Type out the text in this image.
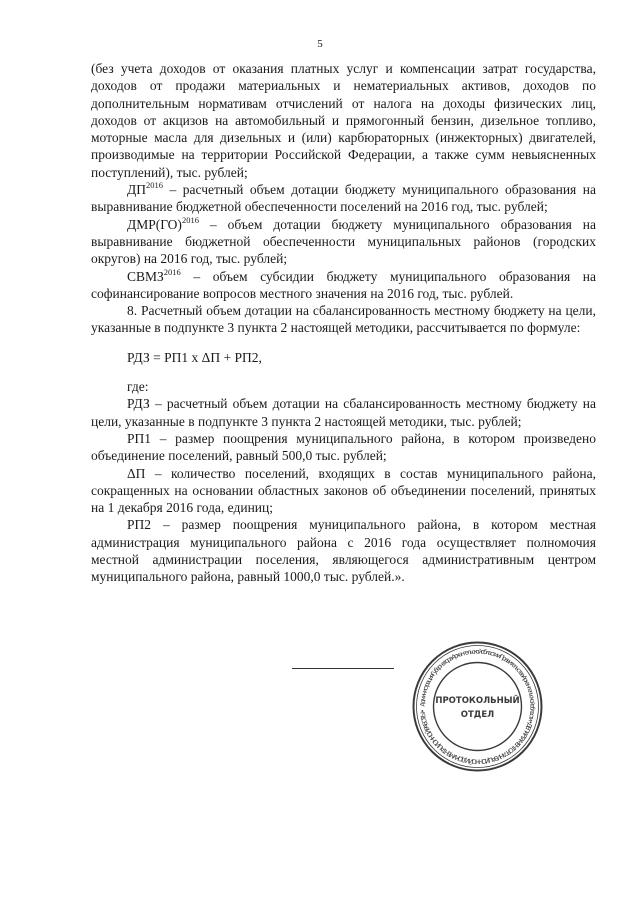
5

(без учета доходов от оказания платных услуг и компенсации затрат государства, доходов от продажи материальных и нематериальных активов, доходов по дополнительным нормативам отчислений от налога на доходы физических лиц, доходов от акцизов на автомобильный и прямогонный бензин, дизельное топливо, моторные масла для дизельных и (или) карбюраторных (инжекторных) двигателей, производимые на территории Российской Федерации, а также сумм невыясненных поступлений), тыс. рублей;

$ДП^{2016}$ – расчетный объем дотации бюджету муниципального образования на выравнивание бюджетной обеспеченности поселений на 2016 год, тыс. рублей;

ДМР(ГО)$^{2016}$ – объем дотации бюджету муниципального образования на выравнивание бюджетной обеспеченности муниципальных районов (городских округов) на 2016 год, тыс. рублей;

$СВМЗ^{2016}$ – объем субсидии бюджету муниципального образования на софинансирование вопросов местного значения на 2016 год, тыс. рублей.

8. Расчетный объем дотации на сбалансированность местному бюджету на цели, указанные в подпункте 3 пункта 2 настоящей методики, рассчитывается по формуле:

РДЗ = РП1 x ΔП + РП2,

где:

РДЗ – расчетный объем дотации на сбалансированность местному бюджету на цели, указанные в подпункте 3 пункта 2 настоящей методики, тыс. рублей;

РП1 – размер поощрения муниципального района, в котором произведено объединение поселений, равный 500,0 тыс. рублей;

ΔП – количество поселений, входящих в состав муниципального района, сокращенных на основании областных законов об объединении поселений, принятых на 1 декабря 2016 года, единиц;

РП2 – размер поощрения муниципального района, в котором местная администрация муниципального района с 2016 года осуществляет полномочия местной администрации поселения, являющегося административным центром муниципального района, равный 1000,0 тыс. рублей.».

Администрация Губернатора Архангельской области и Правительства Архангельской области • ДЕПАРТАМЕНТ ОРГАНИЗАЦИОННОЙ И ДОКУМЕНТАЦИОННОЙ РАБОТЫ •
ПРОТОКОЛЬНЫЙ
ОТДЕЛ
